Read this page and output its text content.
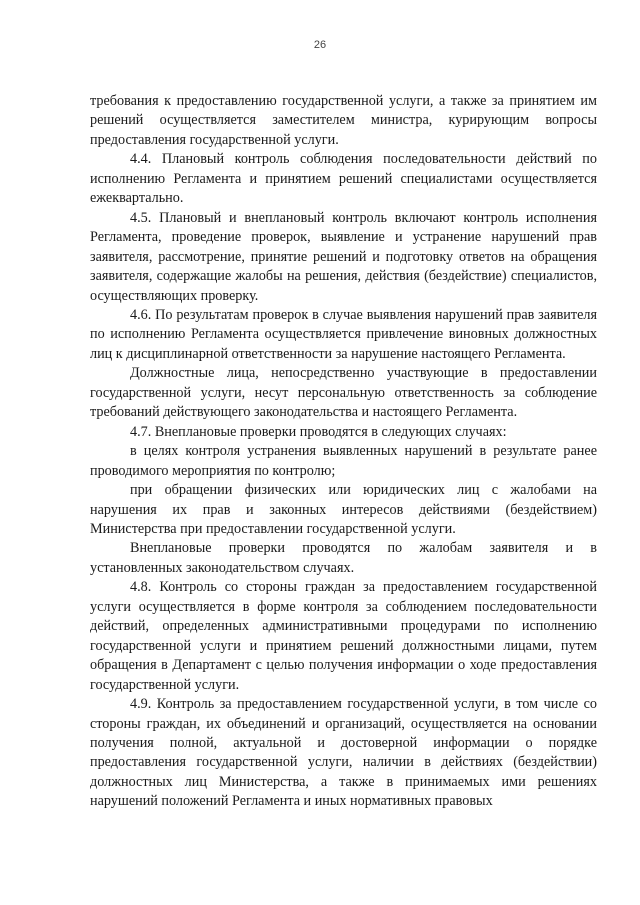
26

требования к предоставлению государственной услуги, а также за принятием им решений осуществляется заместителем министра, курирующим вопросы предоставления государственной услуги.

4.4. Плановый контроль соблюдения последовательности действий по исполнению Регламента и принятием решений специалистами осуществляется ежеквартально.

4.5. Плановый и внеплановый контроль включают контроль исполнения Регламента, проведение проверок, выявление и устранение нарушений прав заявителя, рассмотрение, принятие решений и подготовку ответов на обращения заявителя, содержащие жалобы на решения, действия (бездействие) специалистов, осуществляющих проверку.

4.6. По результатам проверок в случае выявления нарушений прав заявителя по исполнению Регламента осуществляется привлечение виновных должностных лиц к дисциплинарной ответственности за нарушение настоящего Регламента.

Должностные лица, непосредственно участвующие в предоставлении государственной услуги, несут персональную ответственность за соблюдение требований действующего законодательства и настоящего Регламента.

4.7. Внеплановые проверки проводятся в следующих случаях:

в целях контроля устранения выявленных нарушений в результате ранее проводимого мероприятия по контролю;

при обращении физических или юридических лиц с жалобами на нарушения их прав и законных интересов действиями (бездействием) Министерства при предоставлении государственной услуги.

Внеплановые проверки проводятся по жалобам заявителя и в установленных законодательством случаях.

4.8. Контроль со стороны граждан за предоставлением государственной услуги осуществляется в форме контроля за соблюдением последовательности действий, определенных административными процедурами по исполнению государственной услуги и принятием решений должностными лицами, путем обращения в Департамент с целью получения информации о ходе предоставления государственной услуги.

4.9. Контроль за предоставлением государственной услуги, в том числе со стороны граждан, их объединений и организаций, осуществляется на основании получения полной, актуальной и достоверной информации о порядке предоставления государственной услуги, наличии в действиях (бездействии) должностных лиц Министерства, а также в принимаемых ими решениях нарушений положений Регламента и иных нормативных правовых
